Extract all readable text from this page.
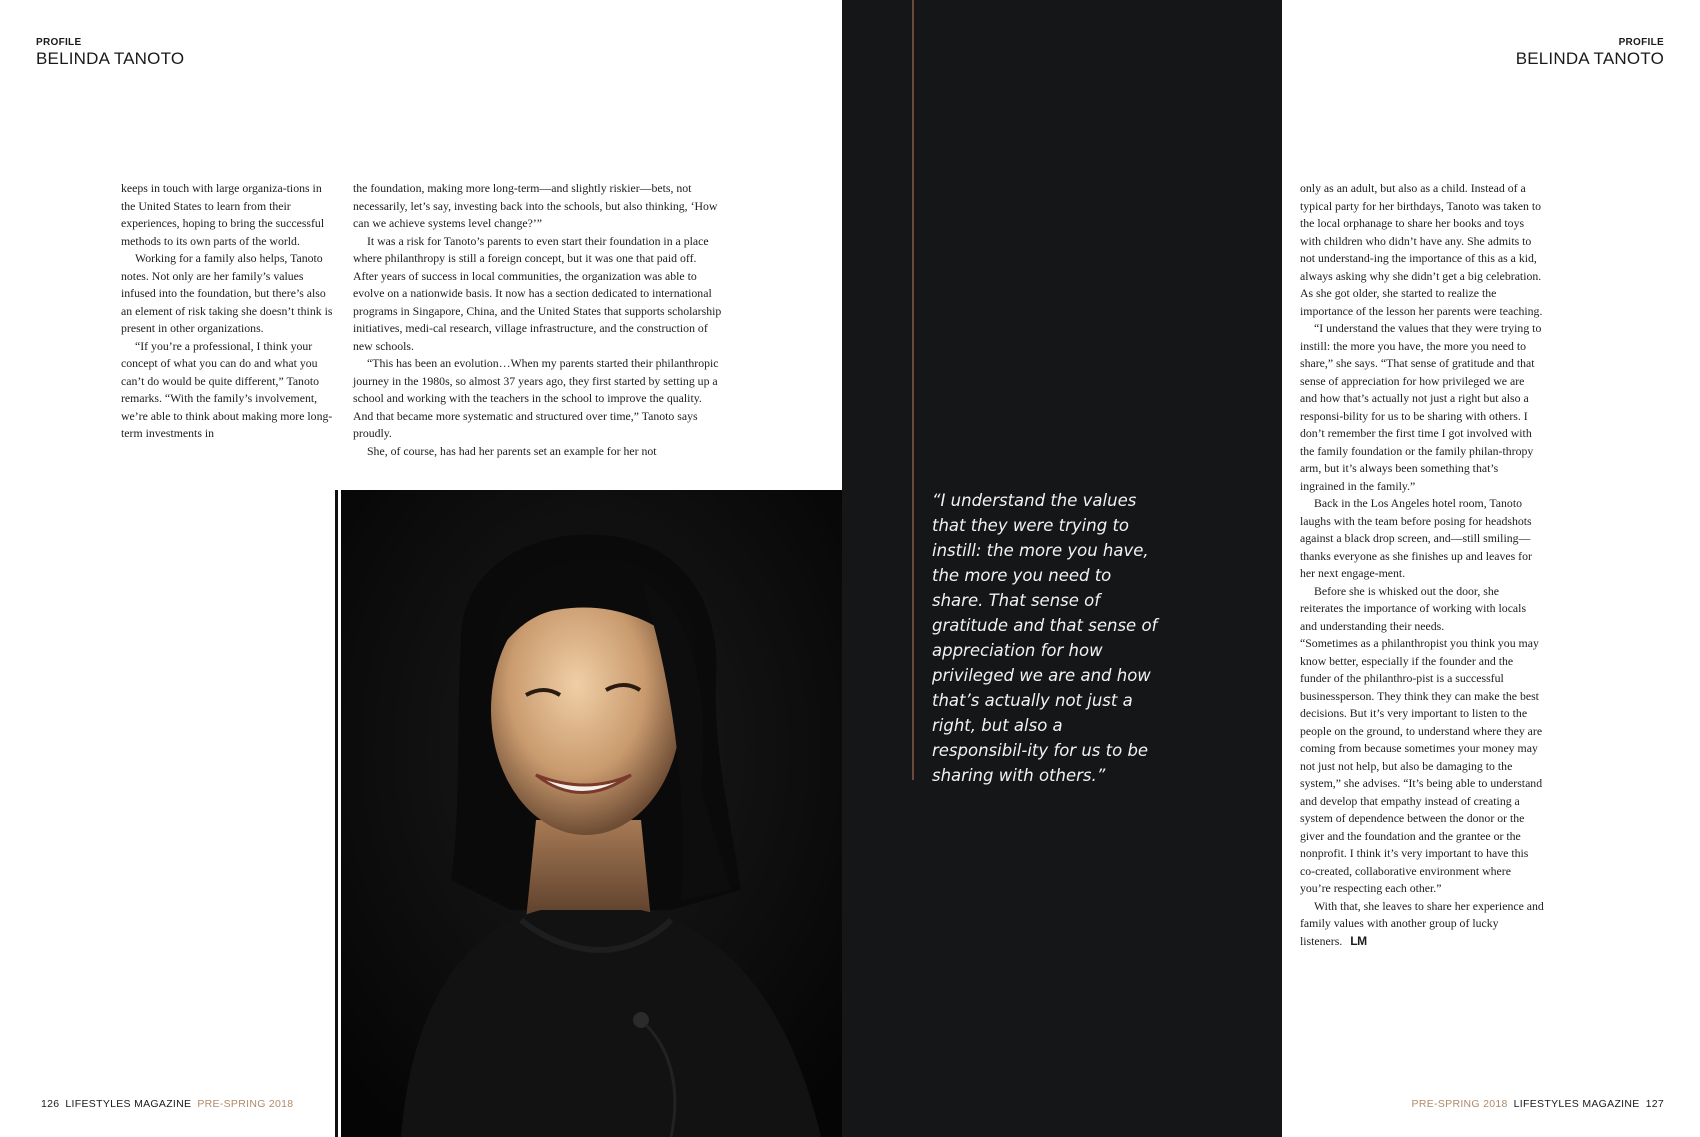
PROFILE
BELINDA TANOTO
PROFILE
BELINDA TANOTO

keeps in touch with large organiza-tions in the United States to learn from their experiences, hoping to bring the successful methods to its own parts of the world.

Working for a family also helps, Tanoto notes. Not only are her family’s values infused into the foundation, but there’s also an element of risk taking she doesn’t think is present in other organizations.

“If you’re a professional, I think your concept of what you can do and what you can’t do would be quite different,” Tanoto remarks. “With the family’s involvement, we’re able to think about making more long-term investments in

the foundation, making more long-term—and slightly riskier—bets, not necessarily, let’s say, investing back into the schools, but also thinking, ‘How can we achieve systems level change?’”

It was a risk for Tanoto’s parents to even start their foundation in a place where philanthropy is still a foreign concept, but it was one that paid off. After years of success in local communities, the organization was able to evolve on a nationwide basis. It now has a section dedicated to international programs in Singapore, China, and the United States that supports scholarship initiatives, medi-cal research, village infrastructure, and the construction of new schools.

“This has been an evolution…When my parents started their philanthropic journey in the 1980s, so almost 37 years ago, they first started by setting up a school and working with the teachers in the school to improve the quality. And that became more systematic and structured over time,” Tanoto says proudly.

She, of course, has had her parents set an example for her not

“I understand the values that they were trying to instill: the more you have, the more you need to share. That sense of gratitude and that sense of appreciation for how privileged we are and how that’s actually not just a right, but also a responsibil-ity for us to be sharing with others.”

only as an adult, but also as a child. Instead of a typical party for her birthdays, Tanoto was taken to the local orphanage to share her books and toys with children who didn’t have any. She admits to not understand-ing the importance of this as a kid, always asking why she didn’t get a big celebration. As she got older, she started to realize the importance of the lesson her parents were teaching.

“I understand the values that they were trying to instill: the more you have, the more you need to share,” she says. “That sense of gratitude and that sense of appreciation for how privileged we are and how that’s actually not just a right but also a responsi-bility for us to be sharing with others. I don’t remember the first time I got involved with the family foundation or the family philan-thropy arm, but it’s always been something that’s ingrained in the family.”

Back in the Los Angeles hotel room, Tanoto laughs with the team before posing for headshots against a black drop screen, and—still smiling—thanks everyone as she finishes up and leaves for her next engage-ment.

Before she is whisked out the door, she reiterates the importance of working with locals and understanding their needs.

“Sometimes as a philanthropist you think you may know better, especially if the founder and the funder of the philanthro-pist is a successful businessperson. They think they can make the best decisions. But it’s very important to listen to the people on the ground, to understand where they are coming from because sometimes your money may not just not help, but also be damaging to the system,” she advises. “It’s being able to understand and develop that empathy instead of creating a system of dependence between the donor or the giver and the foundation and the grantee or the nonprofit. I think it’s very important to have this co-created, collaborative environment where you’re respecting each other.”

With that, she leaves to share her experience and family values with another group of lucky listeners. LM

126 LIFESTYLES MAGAZINE PRE-SPRING 2018	PRE-SPRING 2018 LIFESTYLES MAGAZINE 127
